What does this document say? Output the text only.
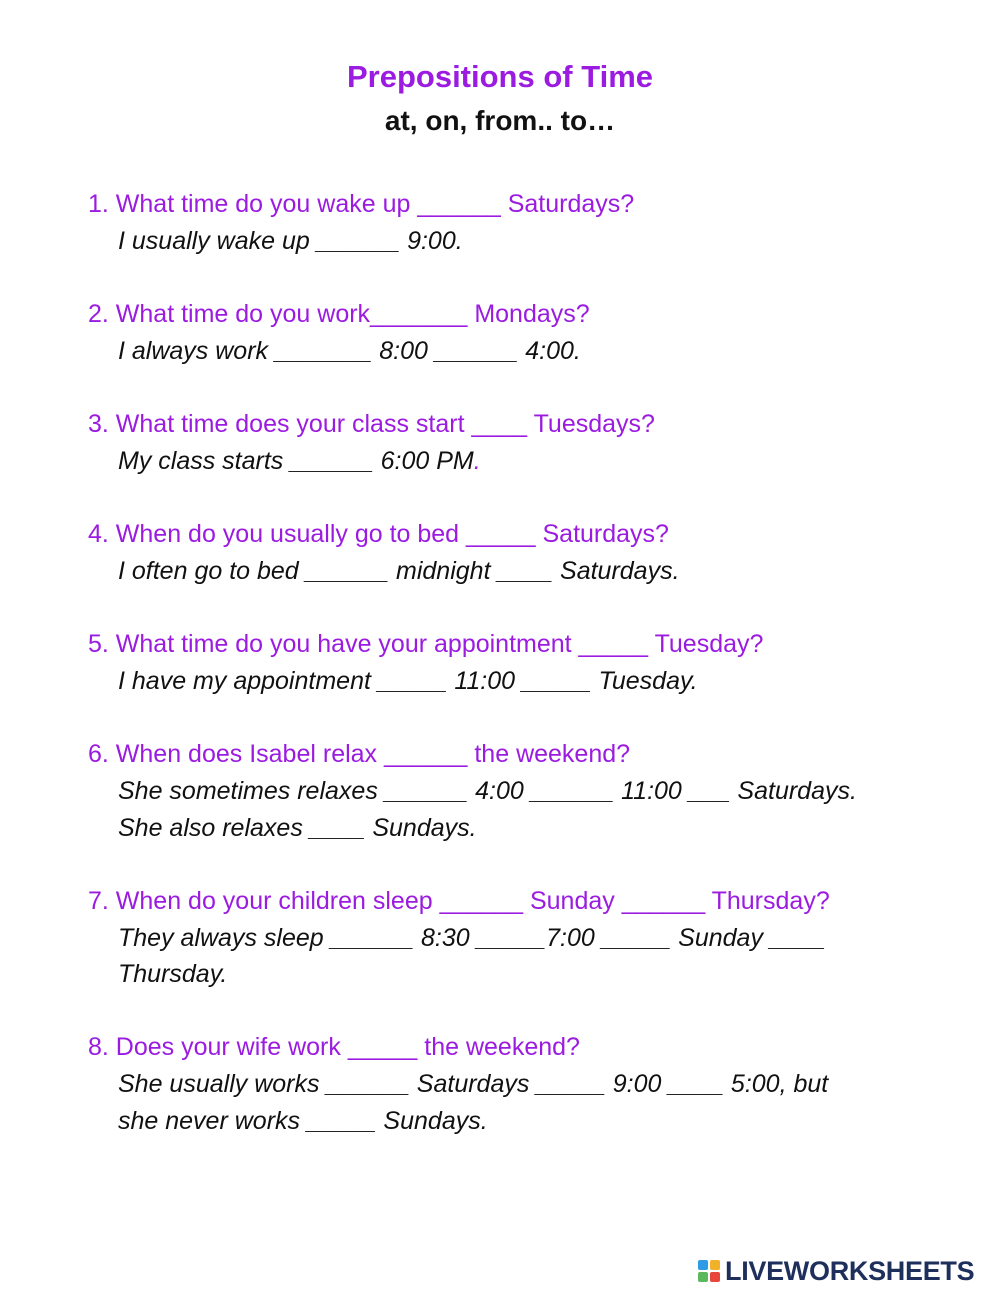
Prepositions of Time
at, on, from.. to…
1. What time do you wake up ______ Saturdays?
I usually wake up ______ 9:00.
2. What time do you work_______ Mondays?
I always work _______ 8:00 ______ 4:00.
3. What time does your class start ____ Tuesdays?
My class starts ______ 6:00 PM.
4. When do you usually go to bed _____ Saturdays?
I often go to bed ______ midnight ____ Saturdays.
5. What time do you have your appointment _____ Tuesday?
I have my appointment _____ 11:00 _____ Tuesday.
6. When does Isabel relax ______ the weekend?
She sometimes relaxes ______ 4:00 ______ 11:00 ___ Saturdays.
She also relaxes ____ Sundays.
7. When do your children sleep ______ Sunday ______ Thursday?
They always sleep ______ 8:30 _____7:00 _____ Sunday ____
Thursday.
8. Does your wife work _____ the weekend?
She usually works ______ Saturdays _____ 9:00 ____ 5:00, but
she never works _____ Sundays.
LIVEWORKSHEETS
